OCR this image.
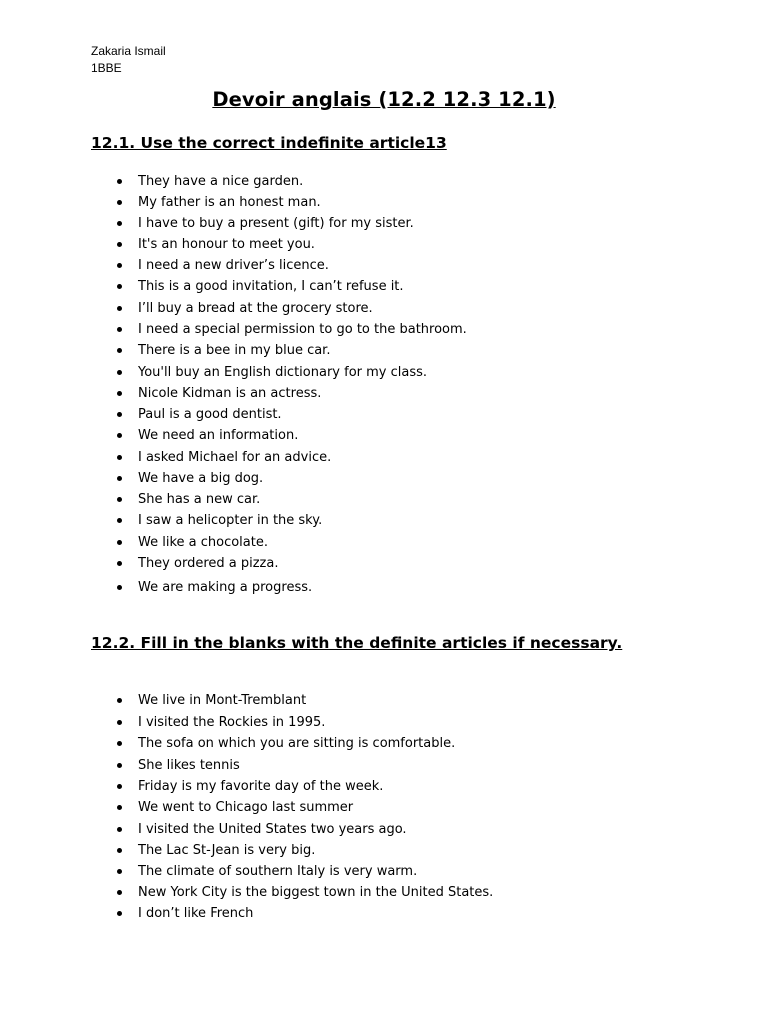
Zakaria Ismail
1BBE
Devoir anglais (12.2 12.3 12.1)
12.1. Use the correct indefinite article13
They have a nice garden.
My father is an honest man.
I have to buy a present (gift) for my sister.
It's an honour to meet you.
I need a new driver’s licence.
This is a good invitation, I can’t refuse it.
I’ll buy a bread at the grocery store.
I need a special permission to go to the bathroom.
There is a bee in my blue car.
You'll buy an English dictionary for my class.
Nicole Kidman is an actress.
Paul is a good dentist.
We need an information.
I asked Michael for an advice.
We have a big dog.
She has a new car.
I saw a helicopter in the sky.
We like a chocolate.
They ordered a pizza.
We are making a progress.
12.2. Fill in the blanks with the definite articles if necessary.
We live in Mont-Tremblant
I visited the Rockies in 1995.
The sofa on which you are sitting is comfortable.
She likes tennis
Friday is my favorite day of the week.
We went to Chicago last summer
I visited the United States two years ago.
The Lac St-Jean is very big.
The climate of southern Italy is very warm.
New York City is the biggest town in the United States.
I don’t like French
